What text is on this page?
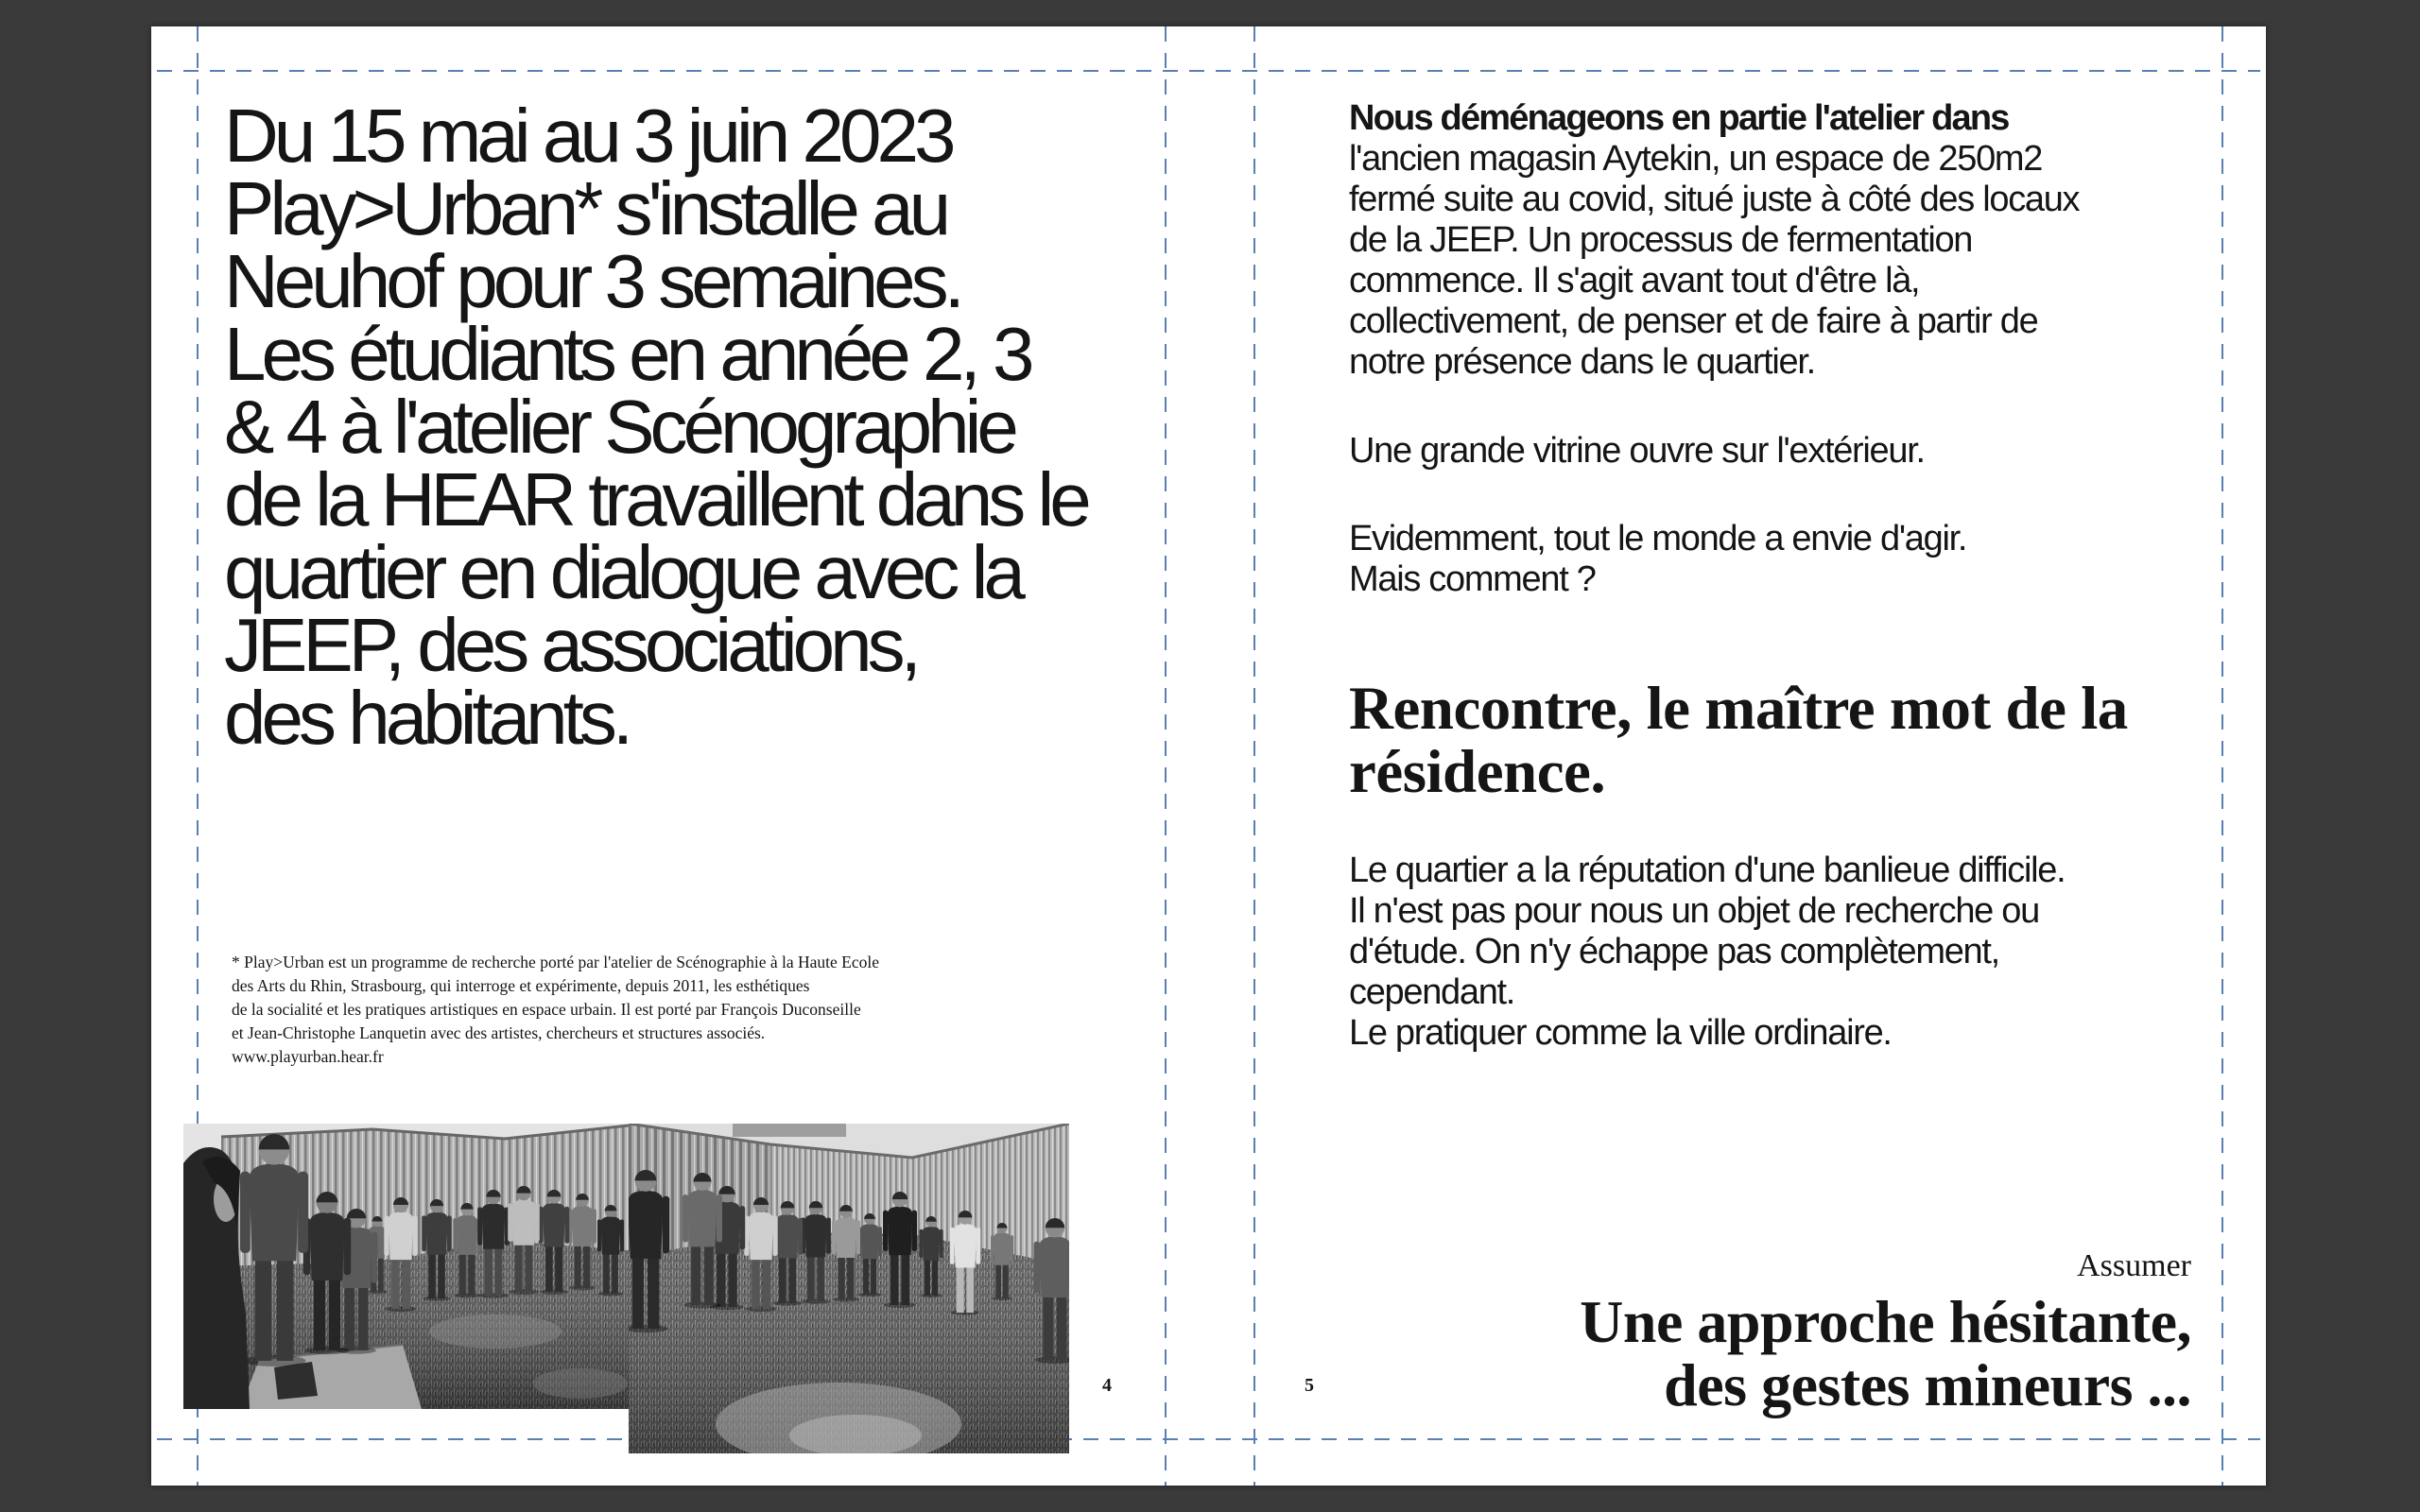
Du 15 mai au 3 juin 2023
Play>Urban* s'installe au
Neuhof pour 3 semaines.
Les étudiants en année 2, 3
& 4 à l'atelier Scénographie
de la HEAR travaillent dans le
quartier en dialogue avec la
JEEP, des associations,
des habitants.
* Play>Urban est un programme de recherche porté par l'atelier de Scénographie à la Haute Ecole
des Arts du Rhin, Strasbourg, qui interroge et expérimente, depuis 2011, les esthétiques
de la socialité et les pratiques artistiques en espace urbain. Il est porté par François Duconseille
et Jean-Christophe Lanquetin avec des artistes, chercheurs et structures associés.
www.playurban.hear.fr
4
Nous déménageons en partie l'atelier dans
l'ancien magasin Aytekin, un espace de 250m2
fermé suite au covid, situé juste à côté des locaux
de la JEEP. Un processus de fermentation
commence. Il s'agit avant tout d'être là,
collectivement, de penser et de faire à partir de
notre présence dans le quartier.
Une grande vitrine ouvre sur l'extérieur.
Evidemment, tout le monde a envie d'agir.
Mais comment ?
Rencontre, le maître mot de la
résidence.
Le quartier a la réputation d'une banlieue difficile.
Il n'est pas pour nous un objet de recherche ou
d'étude. On n'y échappe pas complètement,
cependant.
Le pratiquer comme la ville ordinaire.
Assumer
Une approche hésitante,
des gestes mineurs ...
5
